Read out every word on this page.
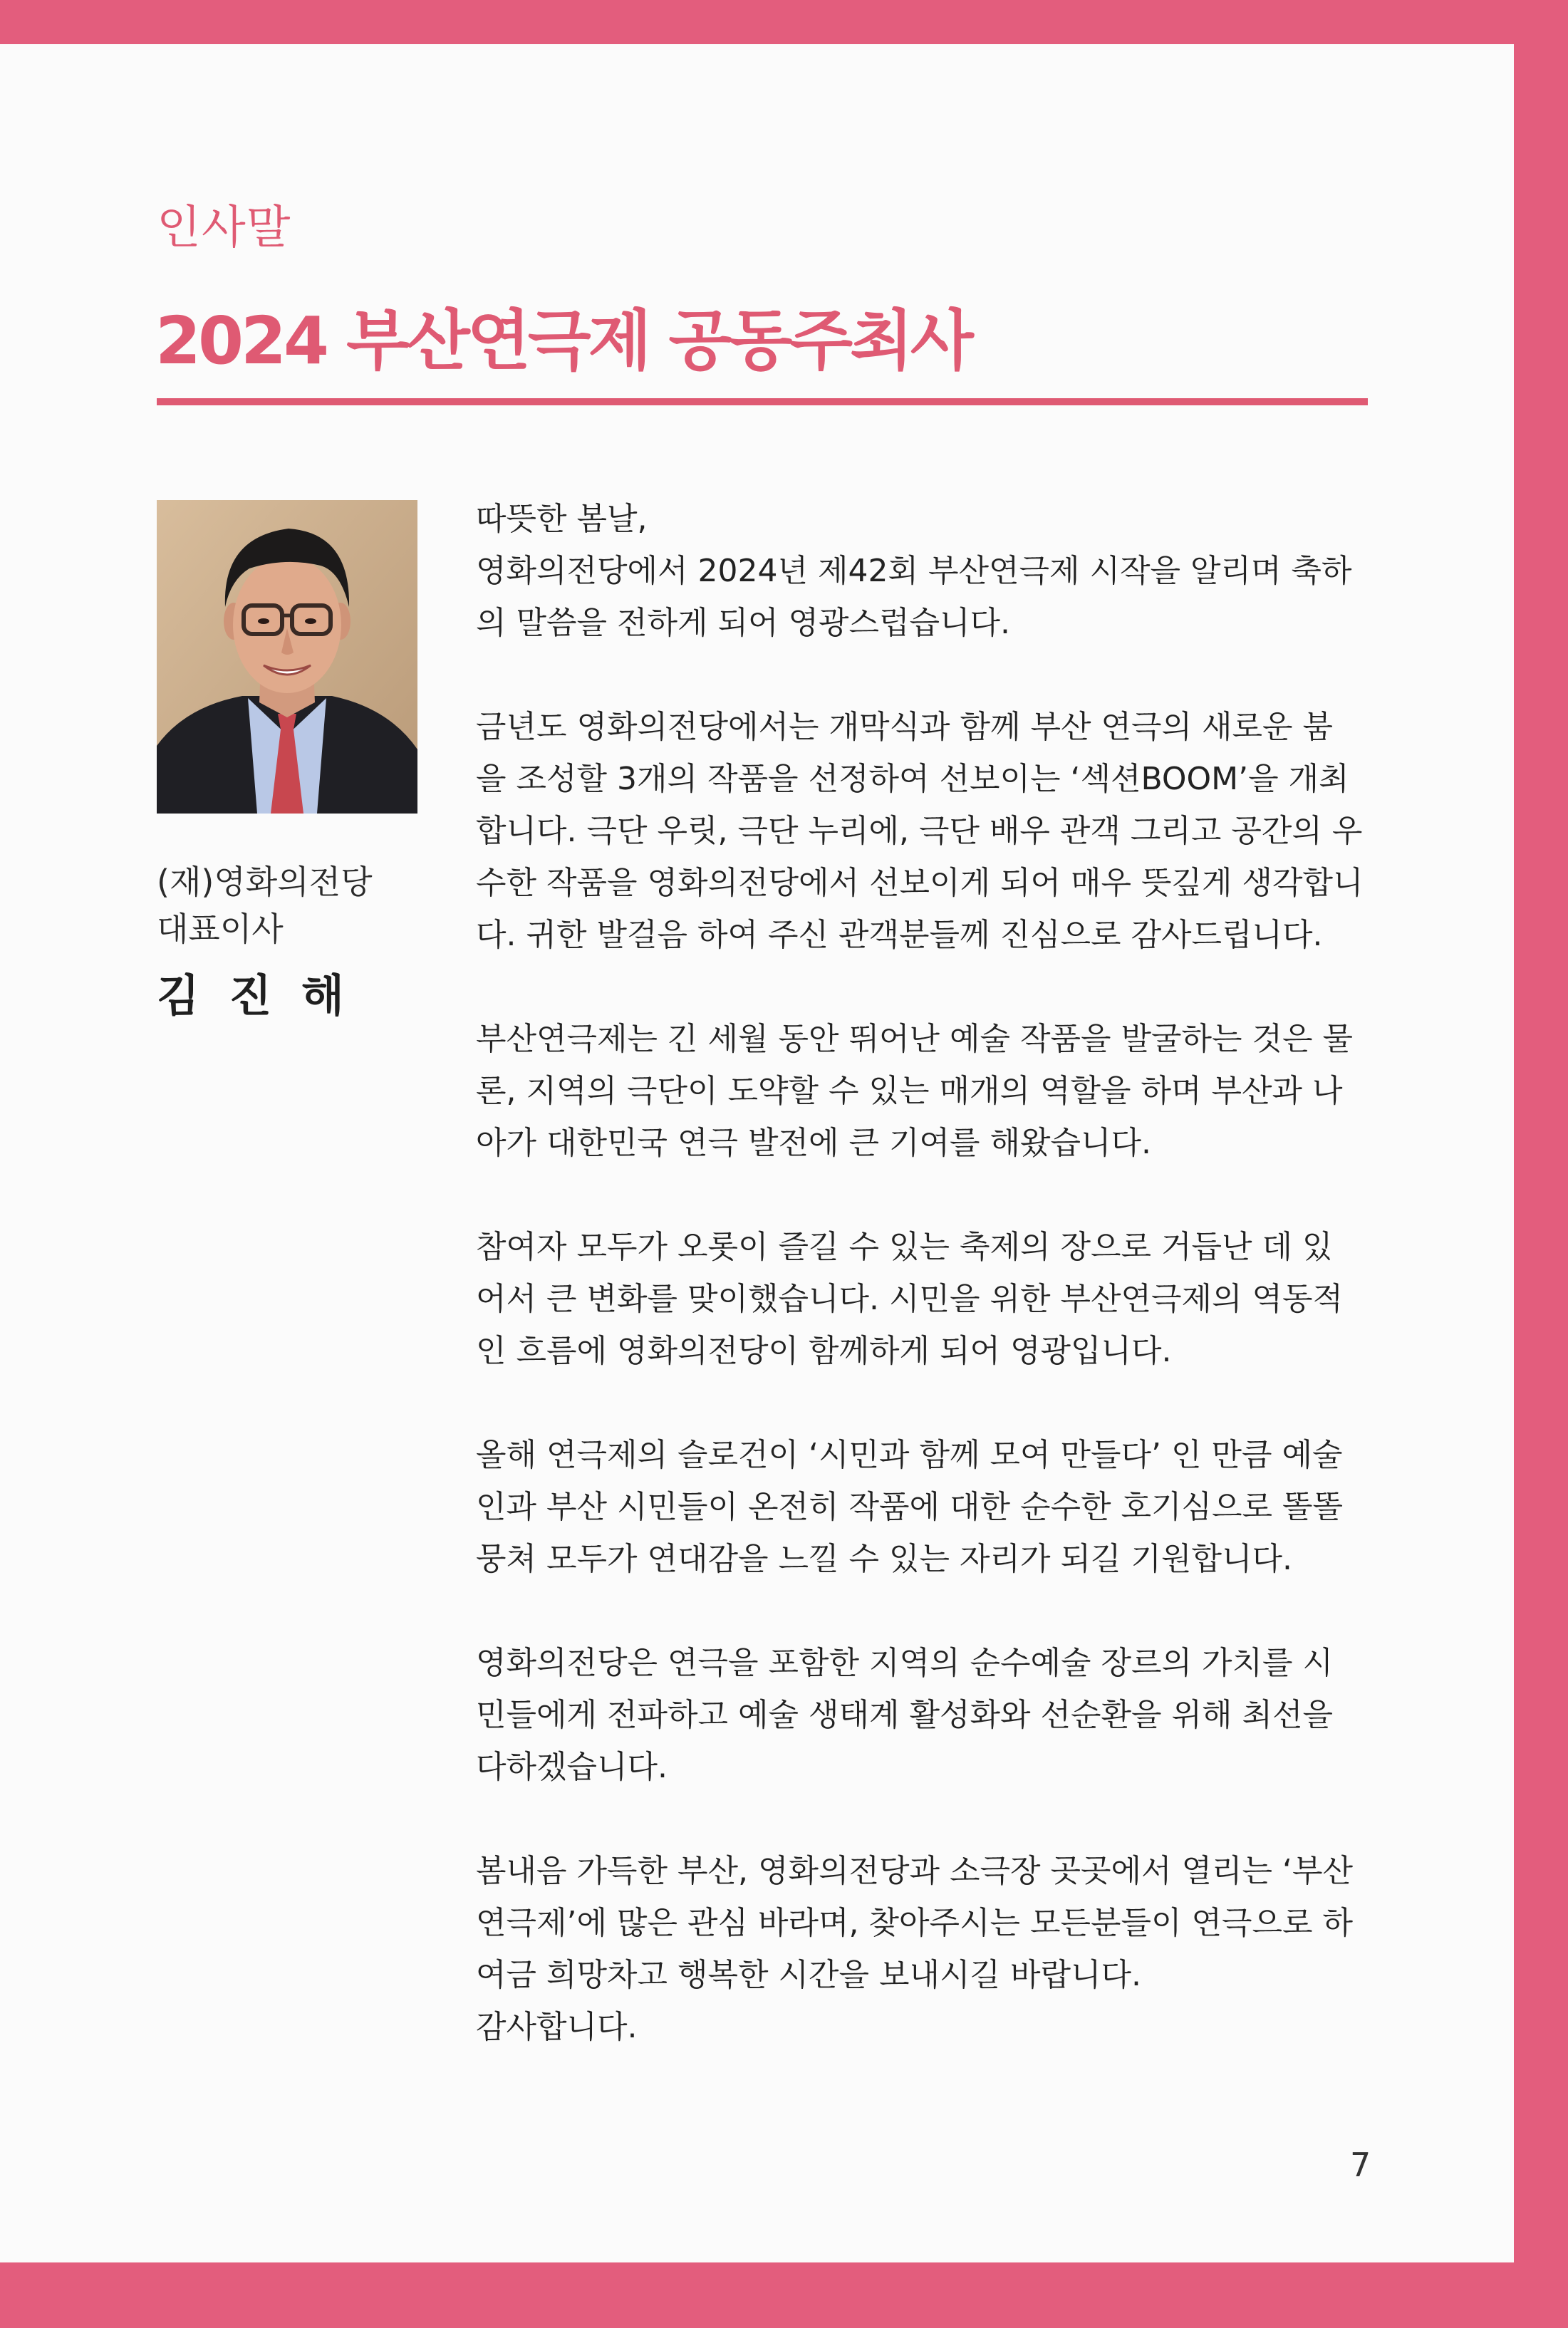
인사말
2024 부산연극제 공동주최사
(재)영화의전당
대표이사
김 진 해

따뜻한 봄날,
영화의전당에서 2024년 제42회 부산연극제 시작을 알리며 축하
의 말씀을 전하게 되어 영광스럽습니다.

금년도 영화의전당에서는 개막식과 함께 부산 연극의 새로운 붐
을 조성할 3개의 작품을 선정하여 선보이는 ‘섹션BOOM’을 개최
합니다. 극단 우릿, 극단 누리에, 극단 배우 관객 그리고 공간의 우
수한 작품을 영화의전당에서 선보이게 되어 매우 뜻깊게 생각합니
다. 귀한 발걸음 하여 주신 관객분들께 진심으로 감사드립니다.

부산연극제는 긴 세월 동안 뛰어난 예술 작품을 발굴하는 것은 물
론, 지역의 극단이 도약할 수 있는 매개의 역할을 하며 부산과 나
아가 대한민국 연극 발전에 큰 기여를 해왔습니다.

참여자 모두가 오롯이 즐길 수 있는 축제의 장으로 거듭난 데 있
어서 큰 변화를 맞이했습니다. 시민을 위한 부산연극제의 역동적
인 흐름에 영화의전당이 함께하게 되어 영광입니다.

올해 연극제의 슬로건이 ‘시민과 함께 모여 만들다’ 인 만큼 예술
인과 부산 시민들이 온전히 작품에 대한 순수한 호기심으로 똘똘
뭉쳐 모두가 연대감을 느낄 수 있는 자리가 되길 기원합니다.

영화의전당은 연극을 포함한 지역의 순수예술 장르의 가치를 시
민들에게 전파하고 예술 생태계 활성화와 선순환을 위해 최선을
다하겠습니다.

봄내음 가득한 부산, 영화의전당과 소극장 곳곳에서 열리는 ‘부산
연극제’에 많은 관심 바라며, 찾아주시는 모든분들이 연극으로 하
여금 희망차고 행복한 시간을 보내시길 바랍니다.
감사합니다.

7
